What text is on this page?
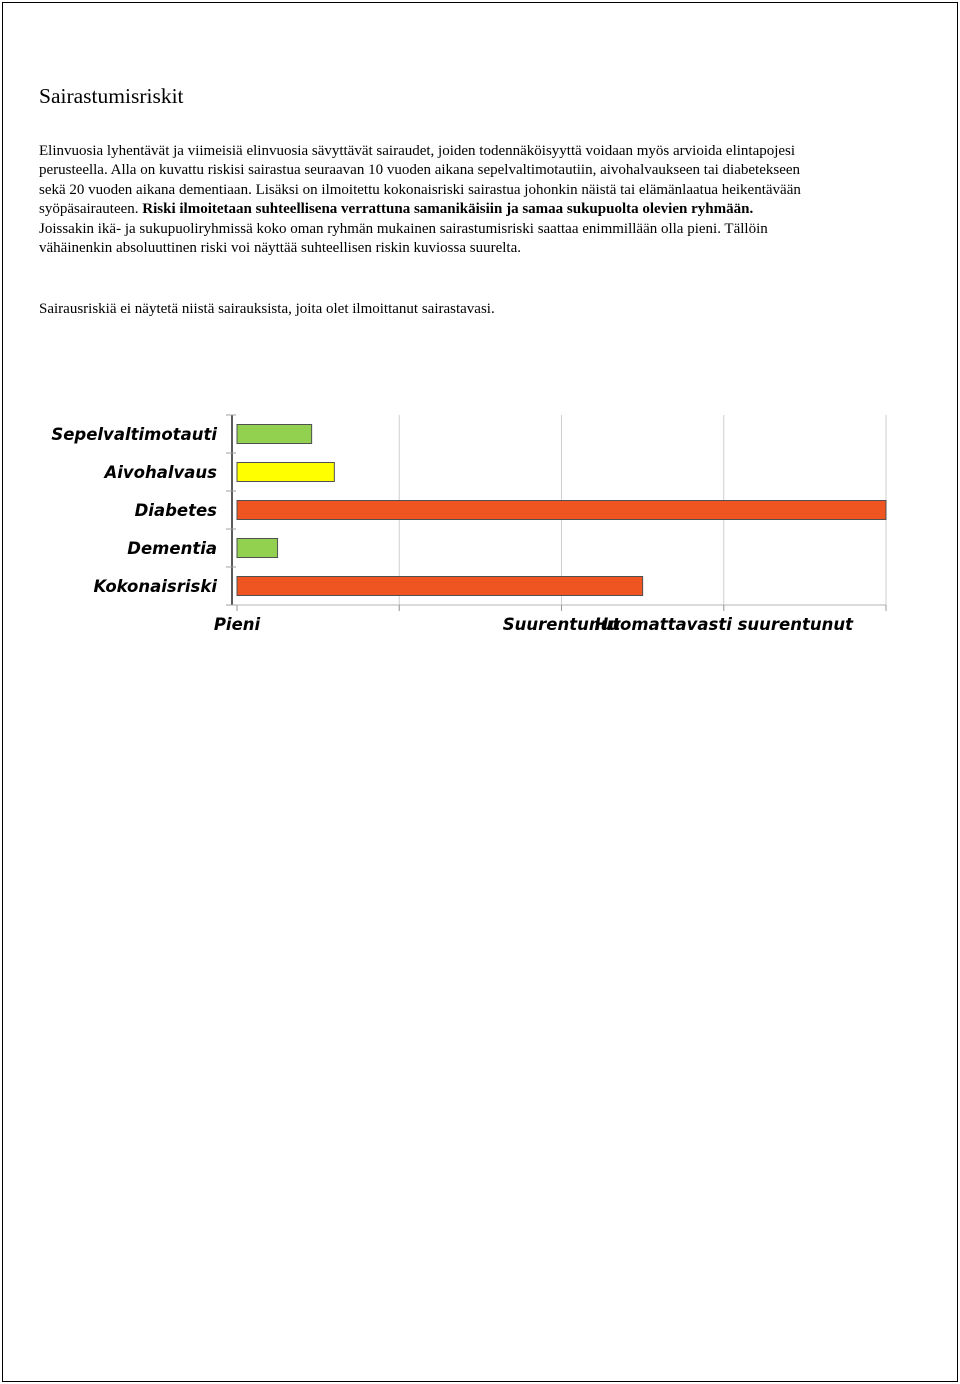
Sairastumisriskit
Elinvuosia lyhentävät ja viimeisiä elinvuosia sävyttävät sairaudet, joiden todennäköisyyttä voidaan myös arvioida elintapojesi
perusteella. Alla on kuvattu riskisi sairastua seuraavan 10 vuoden aikana sepelvaltimotautiin, aivohalvaukseen tai diabetekseen
sekä 20 vuoden aikana dementiaan. Lisäksi on ilmoitettu kokonaisriski sairastua johonkin näistä tai elämänlaatua heikentävään
syöpäsairauteen. Riski ilmoitetaan suhteellisena verrattuna samanikäisiin ja samaa sukupuolta olevien ryhmään.
Joissakin ikä- ja sukupuoliryhmissä koko oman ryhmän mukainen sairastumisriski saattaa enimmillään olla pieni. Tällöin
vähäinenkin absoluuttinen riski voi näyttää suhteellisen riskin kuviossa suurelta.
Sairausriskiä ei näytetä niistä sairauksista, joita olet ilmoittanut sairastavasi.
Sepelvaltimotauti
Aivohalvaus
Diabetes
Dementia
Kokonaisriski
Pieni	Suurentunut
Huomattavasti suurentunut
